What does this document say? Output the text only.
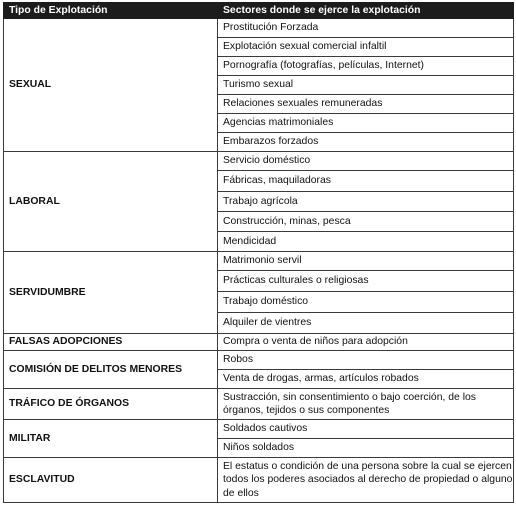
Tipo de Explotación	Sectores donde se ejerce la explotación
SEXUAL	Prostitución Forzada
	Explotación sexual comercial infaltil
	Pornografía (fotografías, películas, Internet)
	Turismo sexual
	Relaciones sexuales remuneradas
	Agencias matrimoniales
	Embarazos forzados
LABORAL	Servicio doméstico
	Fábricas, maquiladoras
	Trabajo agrícola
	Construcción, minas, pesca
	Mendicidad
SERVIDUMBRE	Matrimonio servil
	Prácticas culturales o religiosas
	Trabajo doméstico
	Alquiler de vientres
FALSAS ADOPCIONES	Compra o venta de niños para adopción
COMISIÓN DE DELITOS MENORES	Robos
	Venta de drogas, armas, artículos robados
TRÁFICO DE ÓRGANOS	Sustracción, sin consentimiento o bajo coerción, de los órganos, tejidos o sus componentes
MILITAR	Soldados cautivos
	Niños soldados
ESCLAVITUD	El estatus o condición de una persona sobre la cual se ejercen todos los poderes asociados al derecho de propiedad o alguno de ellos
